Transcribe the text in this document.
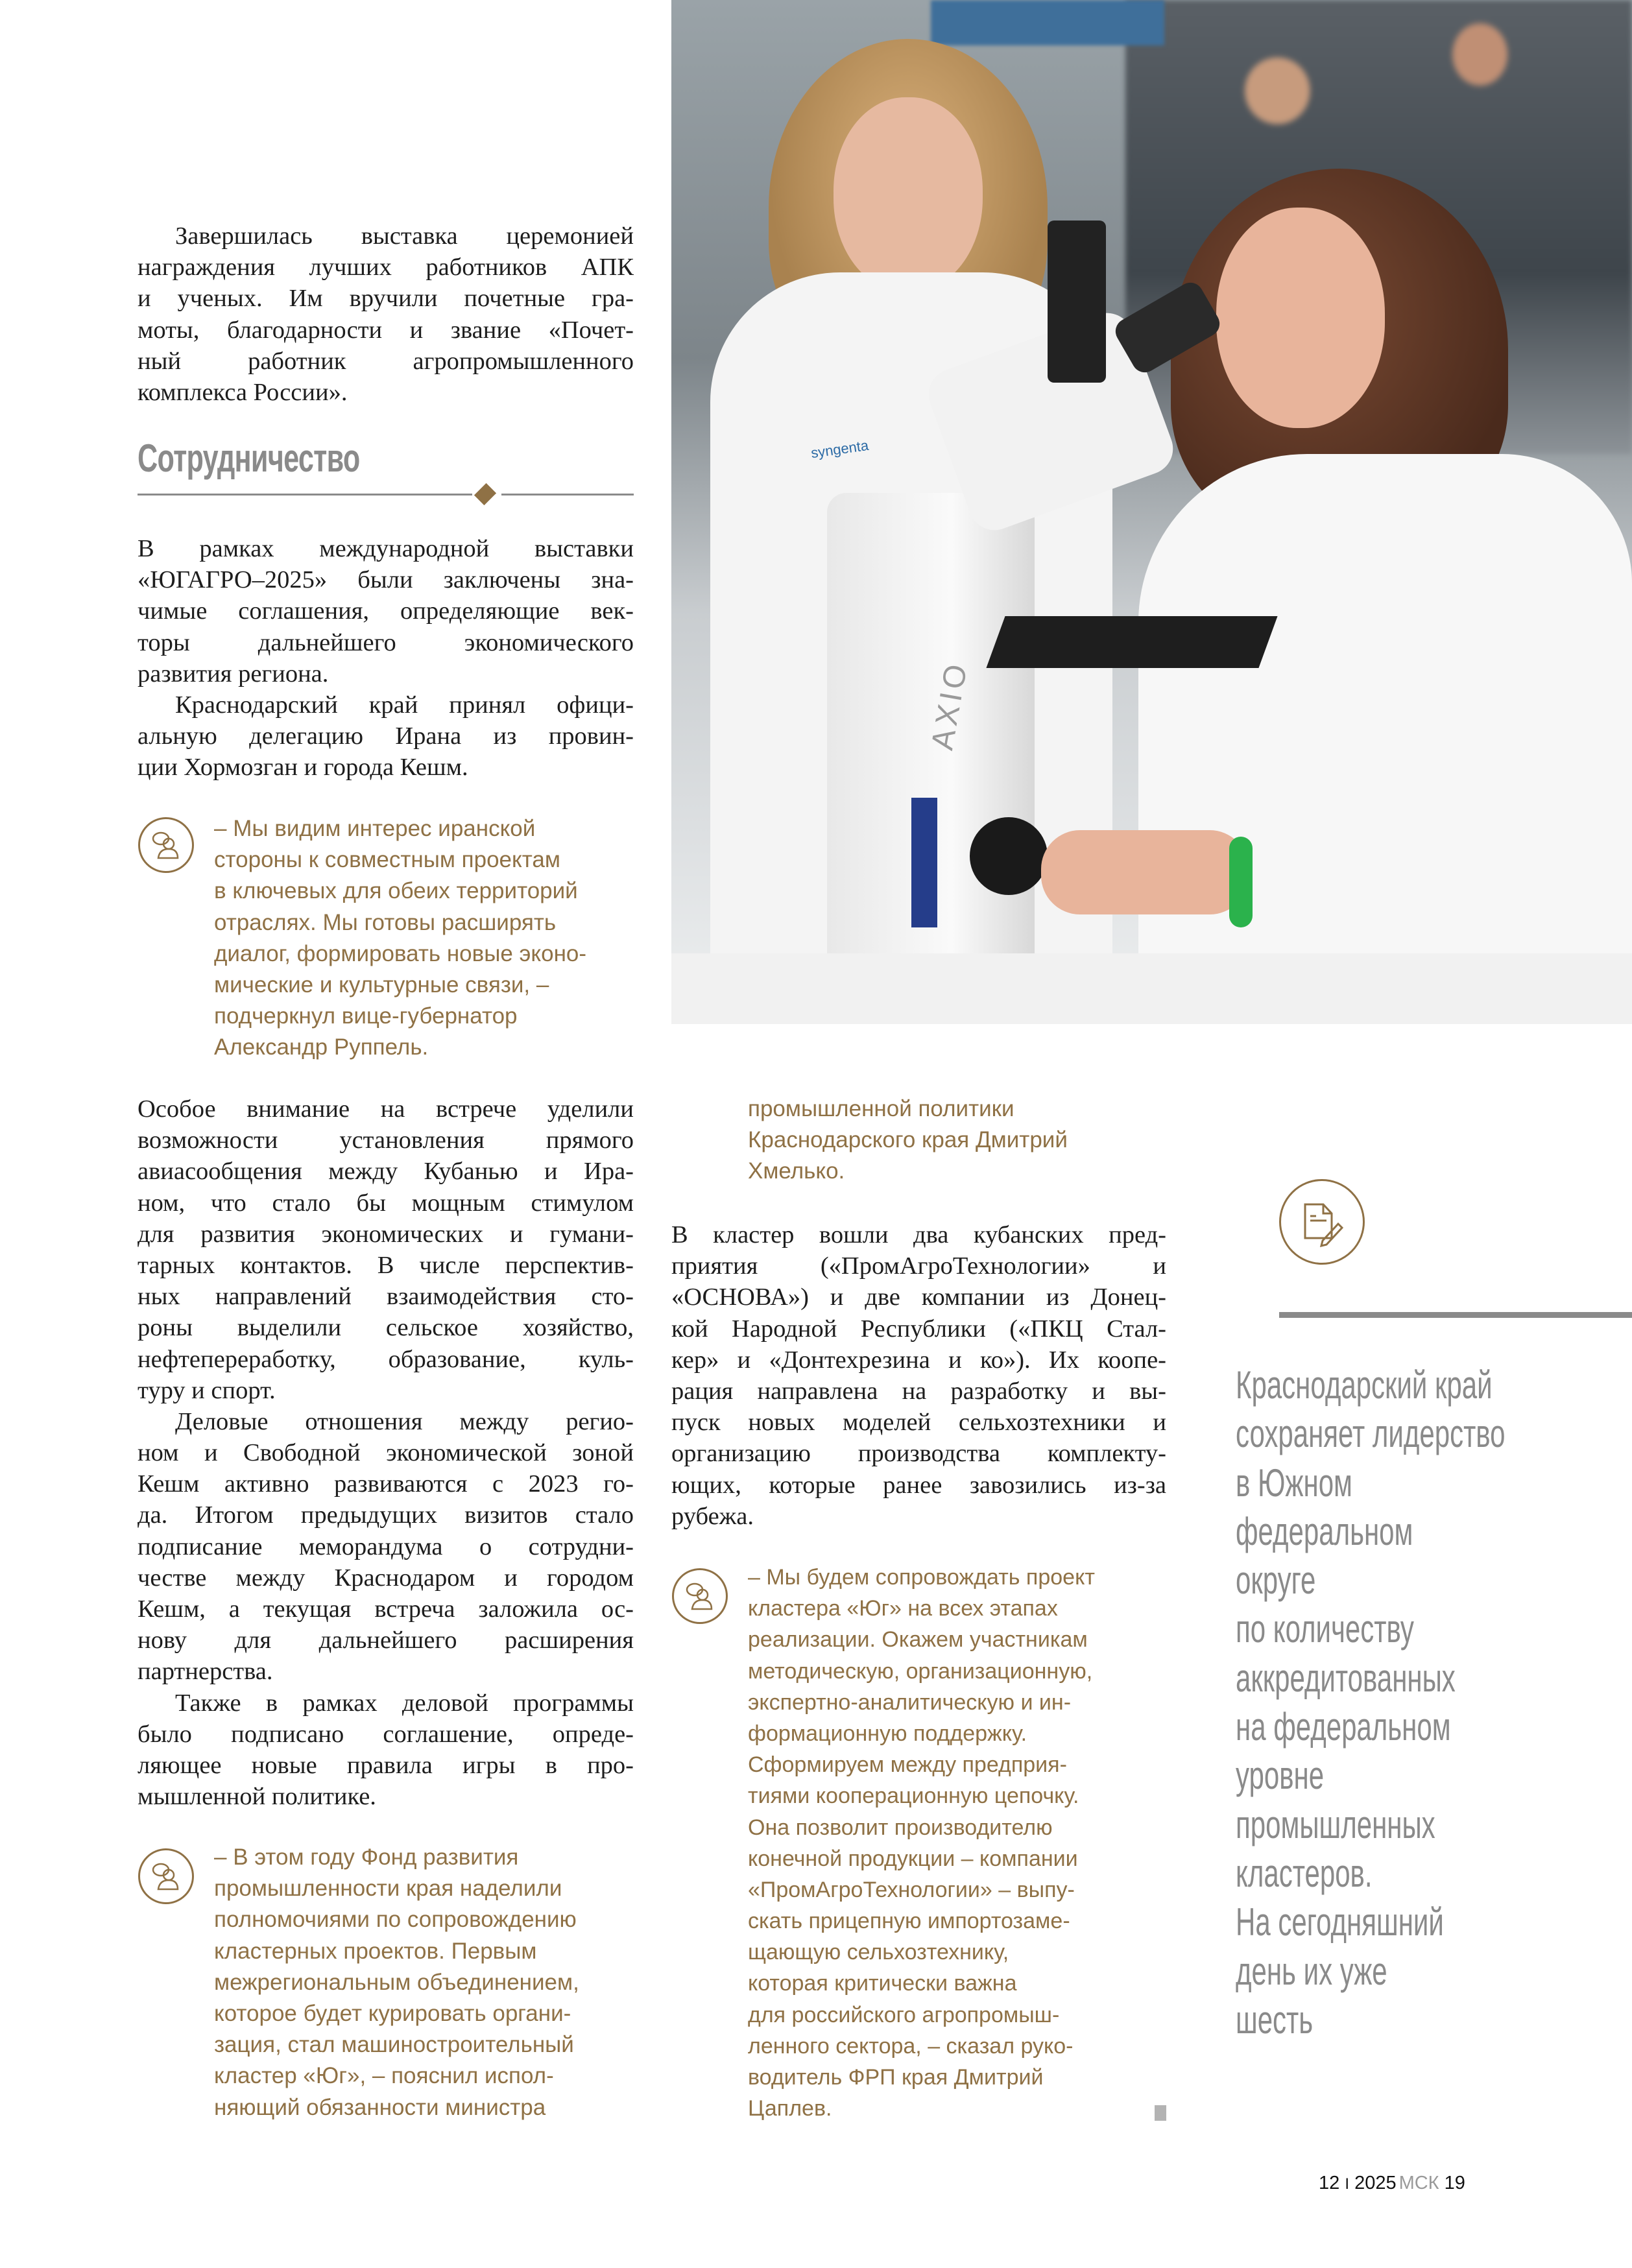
syngenta
AXIO
Завершилась выставка церемонией
награждения лучших работников АПК
и ученых. Им вручили почетные гра-
моты, благодарности и звание «Почет-
ный работник агропромышленного
комплекса России».
Сотрудничество
В рамках международной выставки
«ЮГАГРО–2025» были заключены зна-
чимые соглашения, определяющие век-
торы дальнейшего экономического
развития региона.
Краснодарский край принял офици-
альную делегацию Ирана из провин-
ции Хормозган и города Кешм.
– Мы видим интерес иранской
стороны к совместным проектам
в ключевых для обеих территорий
отраслях. Мы готовы расширять
диалог, формировать новые эконо-
мические и культурные связи, –
подчеркнул вице-губернатор
Александр Руппель.
Особое внимание на встрече уделили
возможности установления прямого
авиасообщения между Кубанью и Ира-
ном, что стало бы мощным стимулом
для развития экономических и гумани-
тарных контактов. В числе перспектив-
ных направлений взаимодействия сто-
роны выделили сельское хозяйство,
нефтепереработку, образование, куль-
туру и спорт.
Деловые отношения между регио-
ном и Свободной экономической зоной
Кешм активно развиваются с 2023 го-
да. Итогом предыдущих визитов стало
подписание меморандума о сотрудни-
честве между Краснодаром и городом
Кешм, а текущая встреча заложила ос-
нову для дальнейшего расширения
партнерства.
Также в рамках деловой программы
было подписано соглашение, опреде-
ляющее новые правила игры в про-
мышленной политике.
– В этом году Фонд развития
промышленности края наделили
полномочиями по сопровождению
кластерных проектов. Первым
межрегиональным объединением,
которое будет курировать органи-
зация, стал машиностроительный
кластер «Юг», – пояснил испол-
няющий обязанности министра
промышленной политики
Краснодарского края Дмитрий
Хмелько.
В кластер вошли два кубанских пред-
приятия («ПромАгроТехнологии» и
«ОСНОВА») и две компании из Донец-
кой Народной Республики («ПКЦ Стал-
кер» и «Донтехрезина и ко»). Их коопе-
рация направлена на разработку и вы-
пуск новых моделей сельхозтехники и
организацию производства комплекту-
ющих, которые ранее завозились из-за
рубежа.
– Мы будем сопровождать проект
кластера «Юг» на всех этапах
реализации. Окажем участникам
методическую, организационную,
экспертно-аналитическую и ин-
формационную поддержку.
Сформируем между предприя-
тиями кооперационную цепочку.
Она позволит производителю
конечной продукции – компании
«ПромАгроТехнологии» – выпу-
скать прицепную импортозаме-
щающую сельхозтехнику,
которая критически важна
для российского агропромыш-
ленного сектора, – сказал руко-
водитель ФРП края Дмитрий
Цаплев.
Краснодарский край
сохраняет лидерство
в Южном
федеральном
округе
по количеству
аккредитованных
на федеральном
уровне
промышленных
кластеров.
На сегодняшний
день их уже
шесть
12 I 2025 МСК 19
